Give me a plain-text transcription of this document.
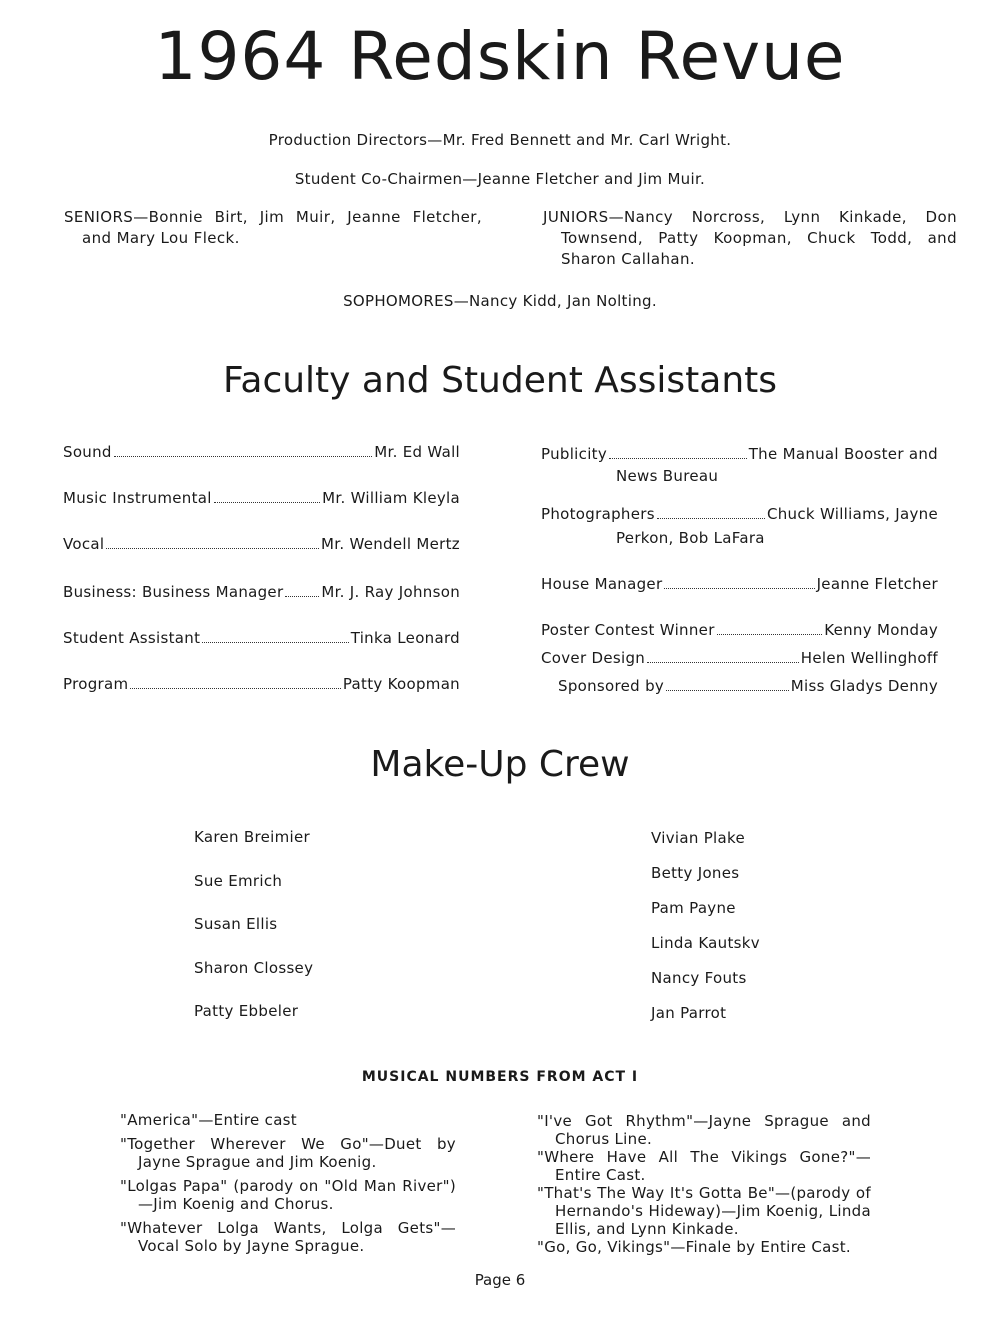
1964 Redskin Revue
Production Directors—Mr. Fred Bennett and Mr. Carl Wright.
Student Co-Chairmen—Jeanne Fletcher and Jim Muir.
SENIORS—Bonnie Birt, Jim Muir, Jeanne Fletcher, and Mary Lou Fleck.
JUNIORS—Nancy Norcross, Lynn Kinkade, Don Townsend, Patty Koopman, Chuck Todd, and Sharon Callahan.
SOPHOMORES—Nancy Kidd, Jan Nolting.
Faculty and Student Assistants
Sound	Mr. Ed Wall
Music Instrumental	Mr. William Kleyla
Vocal	Mr. Wendell Mertz
Business: Business Manager	Mr. J. Ray Johnson
Student Assistant	Tinka Leonard
Program	Patty Koopman
Publicity	The Manual Booster and
News Bureau
Photographers	Chuck Williams, Jayne
Perkon, Bob LaFara
House Manager	Jeanne Fletcher
Poster Contest Winner	Kenny Monday
Cover Design	Helen Wellinghoff
Sponsored by	Miss Gladys Denny
Make-Up Crew
Karen Breimier
Sue Emrich
Susan Ellis
Sharon Clossey
Patty Ebbeler
Vivian Plake
Betty Jones
Pam Payne
Linda Kautskv
Nancy Fouts
Jan Parrot
MUSICAL NUMBERS FROM ACT I
"America"—Entire cast
"Together Wherever We Go"—Duet by Jayne Sprague and Jim Koenig.
"Lolgas Papa" (parody on "Old Man River") —Jim Koenig and Chorus.
"Whatever Lolga Wants, Lolga Gets"— Vocal Solo by Jayne Sprague.
"I've Got Rhythm"—Jayne Sprague and Chorus Line.
"Where Have All The Vikings Gone?"—Entire Cast.
"That's The Way It's Gotta Be"—(parody of Hernando's Hideway)—Jim Koenig, Linda Ellis, and Lynn Kinkade.
"Go, Go, Vikings"—Finale by Entire Cast.
Page 6
